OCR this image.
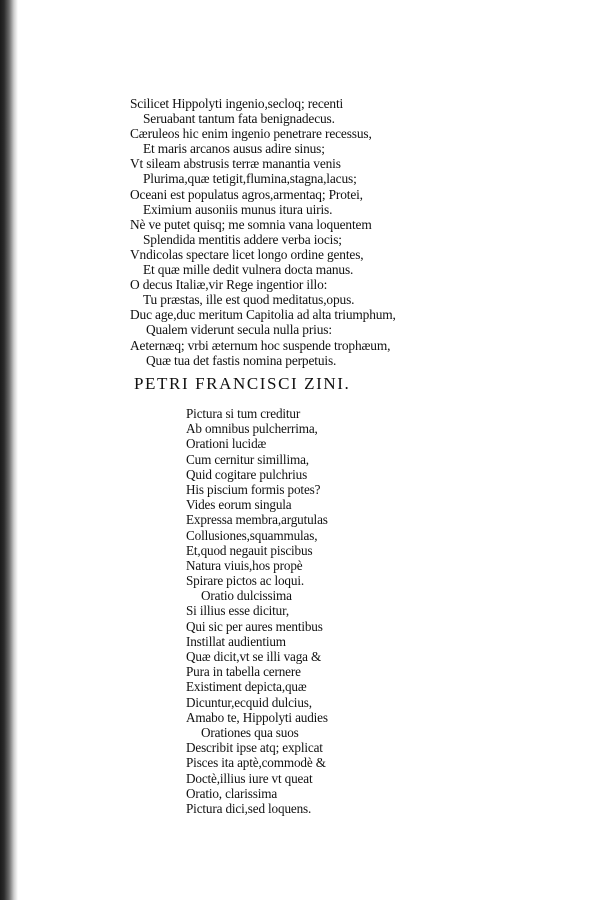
Scilicet Hippolyti ingenio,secloq; recenti
Seruabant tantum fata benignadecus.
Cæruleos hic enim ingenio penetrare recessus,
Et maris arcanos ausus adire sinus;
Vt sileam abstrusis terræ manantia venis
Plurima,quæ tetigit,flumina,stagna,lacus;
Oceani est populatus agros,armentaq; Protei,
Eximium ausoniis munus itura uiris.
Nè ve putet quisq; me somnia vana loquentem
Splendida mentitis addere verba iocis;
Vndicolas spectare licet longo ordine gentes,
Et quæ mille dedit vulnera docta manus.
O decus Italiæ,vir Rege ingentior illo:
Tu præstas, ille est quod meditatus,opus.
Duc age,duc meritum Capitolia ad alta triumphum,
Qualem viderunt secula nulla prius:
Aeternæq; vrbi æternum hoc suspende trophæum,
Quæ tua det fastis nomina perpetuis.
PETRI FRANCISCI ZINI.
Pictura si tum creditur
Ab omnibus pulcherrima,
Orationi lucidæ
Cum cernitur simillima,
Quid cogitare pulchrius
His piscium formis potes?
Vides eorum singula
Expressa membra,argutulas
Collusiones,squammulas,
Et,quod negauit piscibus
Natura viuis,hos propè
Spirare pictos ac loqui.
Oratio dulcissima
Si illius esse dicitur,
Qui sic per aures mentibus
Instillat audientium
Quæ dicit,vt se illi vaga &
Pura in tabella cernere
Existiment depicta,quæ
Dicuntur,ecquid dulcius,
Amabo te, Hippolyti audies
Orationes qua suos
Describit ipse atq; explicat
Pisces ita aptè,commodè &
Doctè,illius iure vt queat
Oratio, clarissima
Pictura dici,sed loquens.
